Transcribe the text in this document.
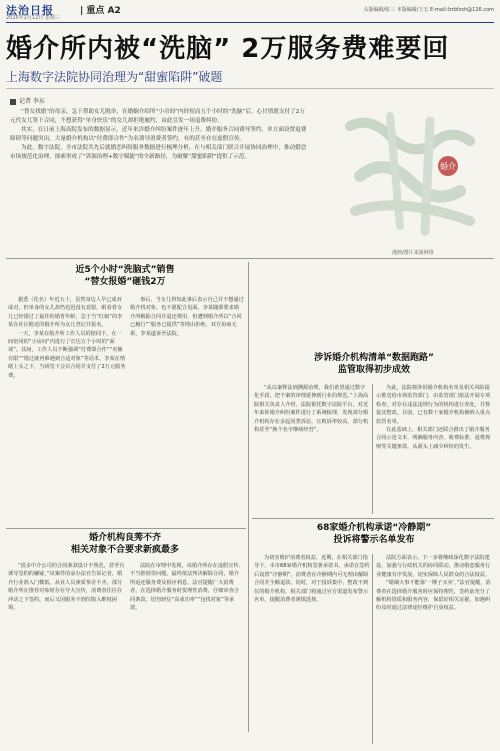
法治日报
2025年2月12日 星期三
| 重点 A2	头版编辑/张三 本版编辑/王五 E-mail:fzrbfzsh@126.com
婚介所内被“洗脑” 2万服务费难要回
上海数字法院协同治理为“甜蜜陷阱”破题
记者 李东

“替女找婚”的母亲，急于帮助女儿脱单，在婚姻介绍所“小房间”内经短而五个小时的“洗脑”后，心甘情愿支付了2万元代女儿签下合同，不想获得“单身快乐”的女儿却拒绝履约，由此引发一场退费纠纷。

其实，在日前上海高院发布的数据显示，近年来涉婚介纠纷案件逐年上升，婚介服务合同诱导签约、单方面设置退费障碍等问题突出，大量婚介机构以“付费即合作”为名诱导消费者签约，有的甚至存在虚假宣传。

为此，数字法院，全市法院共先后就婚恋纠纷服务数据进行梳理分析，在与相关部门联合开展协同治理中，推动婚恋市场规范化治理，探索形成了“诉源治理+数字赋能”的全新路径，为破解“甜蜜陷阱”提供了示范。

婚介
漫画/图片来源网络
近5个小时“洗脑式”销售
“替女报婚”砸钱2万

据悉（化名）年近五十，虽然身边人早已成双成对，但单身的女儿却仍迟迟没有意愿。眼看着女儿已经错过了最佳的婚育年龄，急于当“红娘”的李某在社区附近的婚介所为女儿登记并报名。

一天，李某在婚介所工作人员的陪同下，在一间密闭的“小房间”内进行了长达五个小时的“面谈”。其间，工作人员不断强调“付费即合作”“名额有限”“错过就再难遇到合适对象”等话术，李某在情绪上头之下，当场签下会员合同并支付了2万元服务费。

事后，当女儿得知此事后表示自己并不想通过婚介找对象，也不愿配合见面。李某随即要求婚介所解除合同并退还费用，但遭到婚介所以“合同已履行”“服务已提供”等理由拒绝，双方协商无果，李某遂诉至法院。

涉诉婚介机构清单“数据跑路”
监管取得初步成效

“从以案释法到溯源治理，我们希望通过数字化手段，把个案的审理延伸到行业的规范。”上海高院相关负责人介绍，法院依托数字法院平台，对近年来涉婚介纠纷案件进行了系统梳理，发现部分婚介机构存在多起同类诉讼，且败诉率较高，部分机构甚至“换个名字继续经营”。

为此，法院将涉诉婚介机构名单及相关风险提示推送给市场监管部门，由监管部门依法开展专项检查，对存在违法违规行为的机构进行查处，并督促其整改。目前，已有数十家婚介机构被纳入重点监管名单。

在此基础上，相关部门还联合推出了婚介服务合同示范文本，明确服务内容、收费标准、退费规则等关键条款，从源头上减少纠纷的发生。

婚介机构良莠不齐
相关对象不合要求新疯最多

“很多中介公司的合同条款设计不规范，甚至有诱导签约的嫌疑，”该案件的承办法官告诉记者，婚介行业准入门槛低、从业人员素质参差不齐，部分婚介所在推荐对象时存在夸大宣传，消费者往往在冲动之下签约，而后又因服务不到位陷入维权困境。

法院在审理中发现，该婚介所存在虚假宣传、不当推销等问题，最终依法判决解除合同，婚介所返还服务费及相应利息。法官提醒广大消费者，在选择婚介服务时要理性消费，仔细审查合同条款，切勿轻信“高成功率”“包找对象”等承诺。

68家婚介机构承诺“冷静期”
投诉将警示名单发布

为切实维护消费者权益，近期，在相关部门指导下，本市68家婚介机构签署承诺书，承诺在签约后设置“冷静期”，消费者在冷静期内可无理由解除合同并全额退款。同时，对于投诉集中、整改不到位的婚介机构，相关部门将通过官方渠道发布警示名单，提醒消费者谨慎选择。

法院方面表示，下一步将继续深化数字法院建设，加强与行政机关的协同联动，推动婚恋服务行业健康有序发展，切实保障人民群众的合法权益。

“婚姻大事不能靠‘一锤子买卖’，”法官提醒，消费者在选择婚介服务时应保持理性，签约前充分了解机构资质和服务内容，保留好相关证据，如遇纠纷及时通过法律途径维护自身权益。
